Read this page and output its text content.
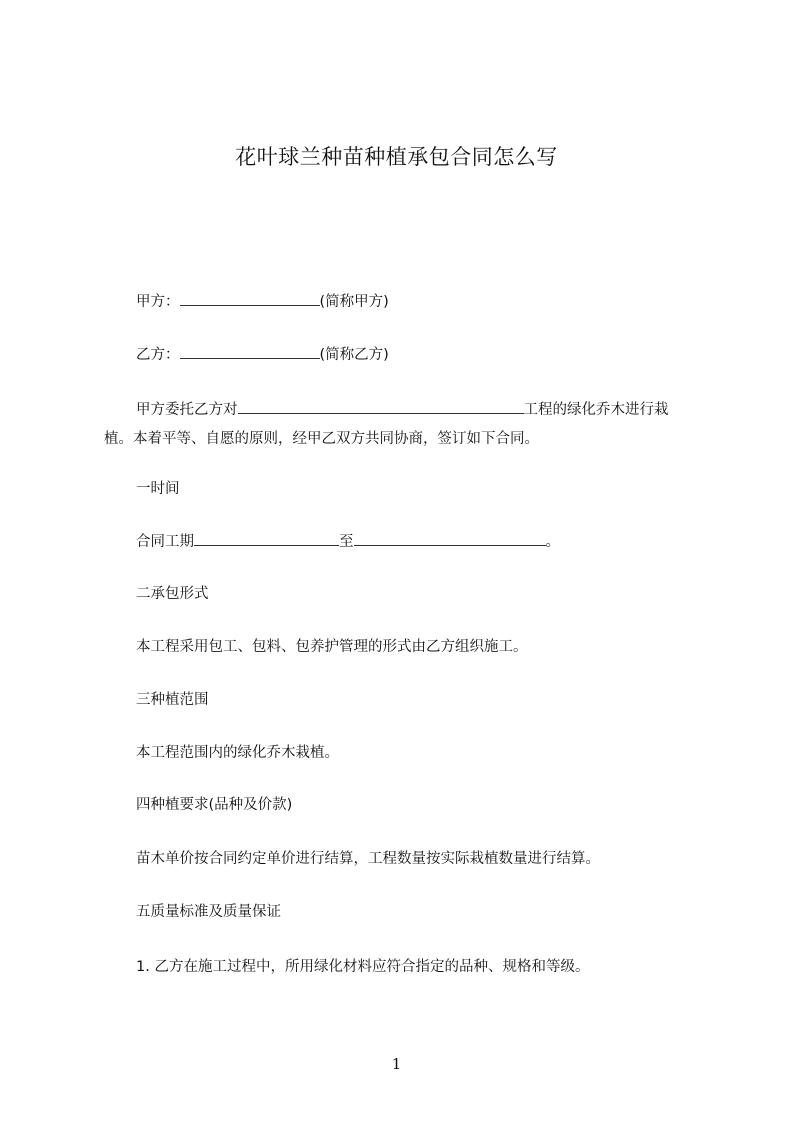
花叶球兰种苗种植承包合同怎么写
甲方：	(简称甲方)
乙方：	(简称乙方)
甲方委托乙方对	工程的绿化乔木进行栽
植。本着平等、自愿的原则，经甲乙双方共同协商，签订如下合同。
一时间
合同工期	至	。
二承包形式
本工程采用包工、包料、包养护管理的形式由乙方组织施工。
三种植范围
本工程范围内的绿化乔木栽植。
四种植要求(品种及价款)
苗木单价按合同约定单价进行结算，工程数量按实际栽植数量进行结算。
五质量标准及质量保证
1. 乙方在施工过程中，所用绿化材料应符合指定的品种、规格和等级。
1
